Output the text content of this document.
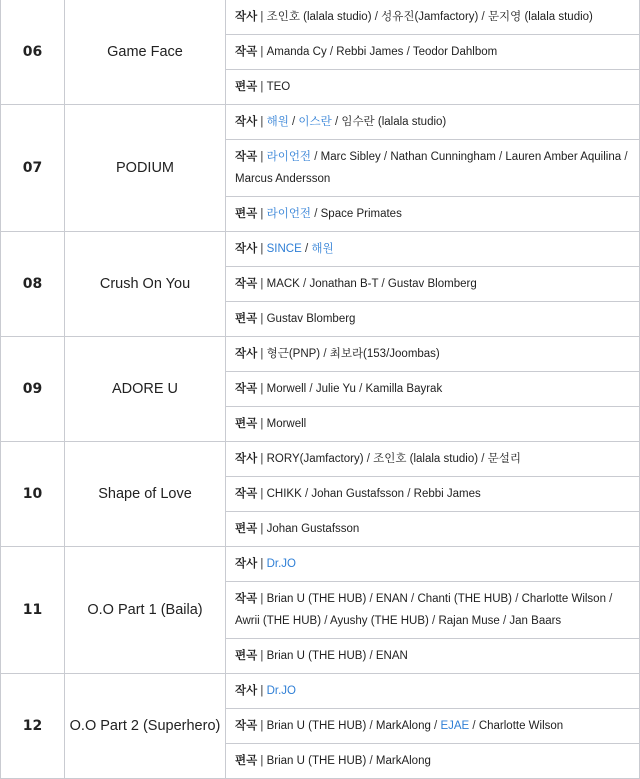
06	Game Face	작사 | 조인호 (lalala studio) / 성유진(Jamfactory) / 문지영 (lalala studio)
		작곡 | Amanda Cy / Rebbi James / Teodor Dahlbom
		편곡 | TEO
07	PODIUM	작사 | 해원 / 이스란 / 임수란 (lalala studio)
		작곡 | 라이언전 / Marc Sibley / Nathan Cunningham / Lauren Amber Aquilina / Marcus Andersson
		편곡 | 라이언전 / Space Primates
08	Crush On You	작사 | SINCE / 해원
		작곡 | MACK / Jonathan B-T / Gustav Blomberg
		편곡 | Gustav Blomberg
09	ADORE U	작사 | 형근(PNP) / 최보라(153/Joombas)
		작곡 | Morwell / Julie Yu / Kamilla Bayrak
		편곡 | Morwell
10	Shape of Love	작사 | RORY(Jamfactory) / 조인호 (lalala studio) / 문설리
		작곡 | CHIKK / Johan Gustafsson / Rebbi James
		편곡 | Johan Gustafsson
11	O.O Part 1 (Baila)	작사 | Dr.JO
		작곡 | Brian U (THE HUB) / ENAN / Chanti (THE HUB) / Charlotte Wilson / Awrii (THE HUB) / Ayushy (THE HUB) / Rajan Muse / Jan Baars
		편곡 | Brian U (THE HUB) / ENAN
12	O.O Part 2 (Superhero)	작사 | Dr.JO
		작곡 | Brian U (THE HUB) / MarkAlong / EJAE / Charlotte Wilson
		편곡 | Brian U (THE HUB) / MarkAlong
